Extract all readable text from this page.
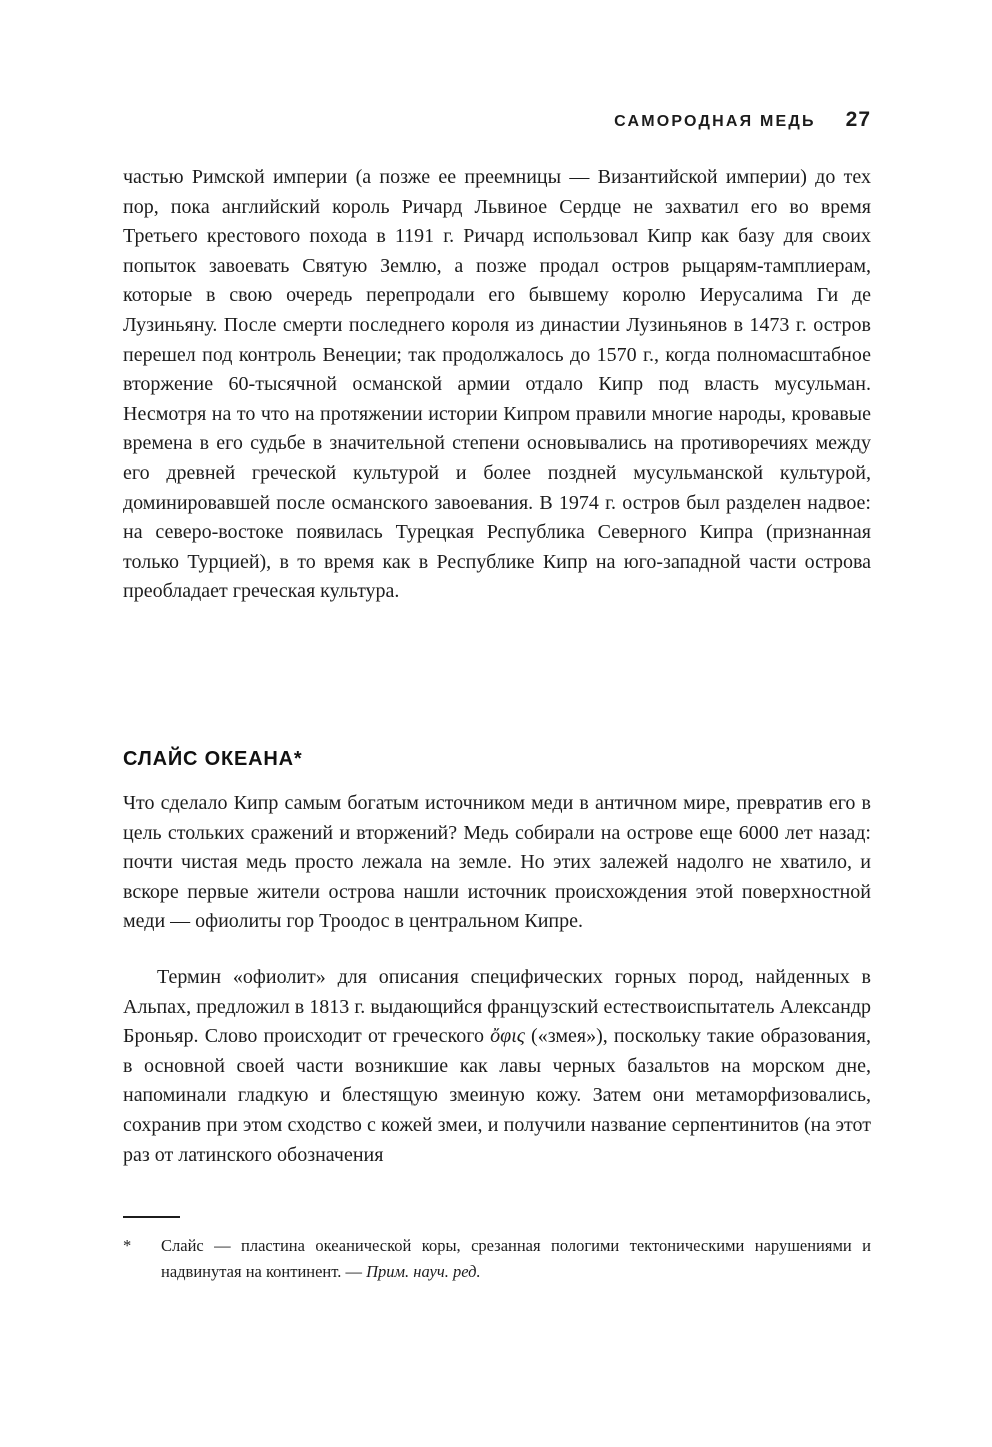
САМОРОДНАЯ МЕДЬ 27

частью Римской империи (а позже ее преемницы — Византийской империи) до тех пор, пока английский король Ричард Львиное Сердце не захватил его во время Третьего крестового похода в 1191 г. Ричард использовал Кипр как базу для своих попыток завоевать Святую Землю, а позже продал остров рыцарям-тамплиерам, которые в свою очередь перепродали его бывшему королю Иерусалима Ги де Лузиньяну. После смерти последнего короля из династии Лузиньянов в 1473 г. остров перешел под контроль Венеции; так продолжалось до 1570 г., когда полномасштабное вторжение 60-тысячной османской армии отдало Кипр под власть мусульман. Несмотря на то что на протяжении истории Кипром правили многие народы, кровавые времена в его судьбе в значительной степени основывались на противоречиях между его древней греческой культурой и более поздней мусульманской культурой, доминировавшей после османского завоевания. В 1974 г. остров был разделен надвое: на северо-востоке появилась Турецкая Республика Северного Кипра (признанная только Турцией), в то время как в Республике Кипр на юго-западной части острова преобладает греческая культура.

СЛАЙС ОКЕАНА*

Что сделало Кипр самым богатым источником меди в античном мире, превратив его в цель стольких сражений и вторжений? Медь собирали на острове еще 6000 лет назад: почти чистая медь просто лежала на земле. Но этих залежей надолго не хватило, и вскоре первые жители острова нашли источник происхождения этой поверхностной меди — офиолиты гор Троодос в центральном Кипре.

Термин «офиолит» для описания специфических горных пород, найденных в Альпах, предложил в 1813 г. выдающийся французский естествоиспытатель Александр Броньяр. Слово происходит от греческого ὄφις («змея»), поскольку такие образования, в основной своей части возникшие как лавы черных базальтов на морском дне, напоминали гладкую и блестящую змеиную кожу. Затем они метаморфизовались, сохранив при этом сходство с кожей змеи, и получили название серпентинитов (на этот раз от латинского обозначения

*	Слайс — пластина океанической коры, срезанная пологими тектоническими нарушениями и надвинутая на континент. — Прим. науч. ред.
